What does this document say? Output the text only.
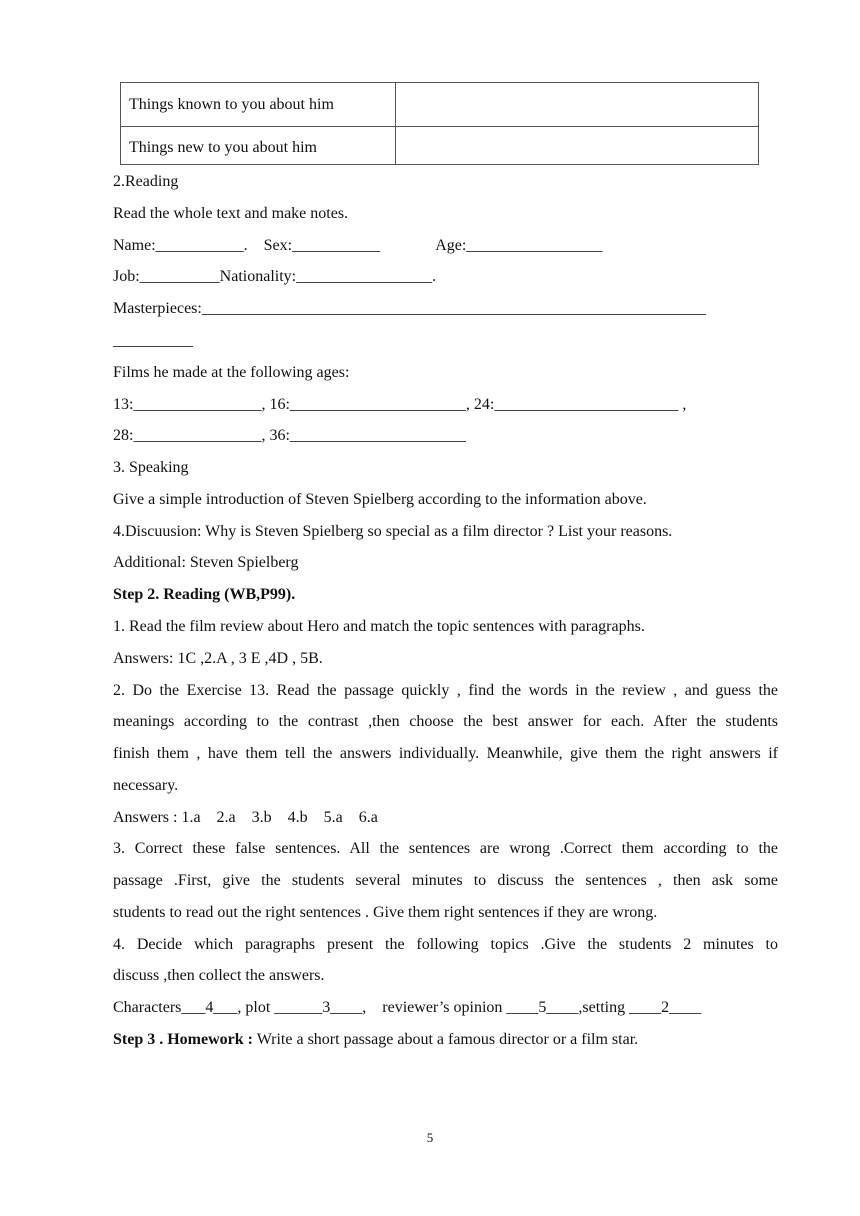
Things known to you about him	
Things new to you about him	
2.Reading
Read the whole text and make notes.
Name:___________.    Sex:___________              Age:_________________
Job:__________Nationality:_________________.
Masterpieces:_______________________________________________________________
__________
Films he made at the following ages:
13:________________, 16:______________________, 24:_______________________ ,
28:________________, 36:______________________
3. Speaking
Give a simple introduction of Steven Spielberg according to the information above.
4.Discuusion: Why is Steven Spielberg so special as a film director ? List your reasons.
Additional: Steven Spielberg
Step 2. Reading (WB,P99).
1. Read the film review about Hero and match the topic sentences with paragraphs.
Answers: 1C ,2.A , 3 E ,4D , 5B.
2. Do the Exercise 13. Read the passage quickly , find the words in the review , and guess the
meanings according to the contrast ,then choose the best answer for each. After the students
finish them , have them tell the answers individually. Meanwhile, give them the right answers if
necessary.
Answers : 1.a    2.a    3.b    4.b    5.a    6.a
3. Correct these false sentences. All the sentences are wrong .Correct them according to the
passage .First, give the students several minutes to discuss the sentences , then ask some
students to read out the right sentences . Give them right sentences if they are wrong.
4. Decide which paragraphs present the following topics .Give the students 2 minutes to
discuss ,then collect the answers.
Characters___4___, plot ______3____,    reviewer’s opinion ____5____,setting ____2____
Step 3 . Homework : Write a short passage about a famous director or a film star.
5
